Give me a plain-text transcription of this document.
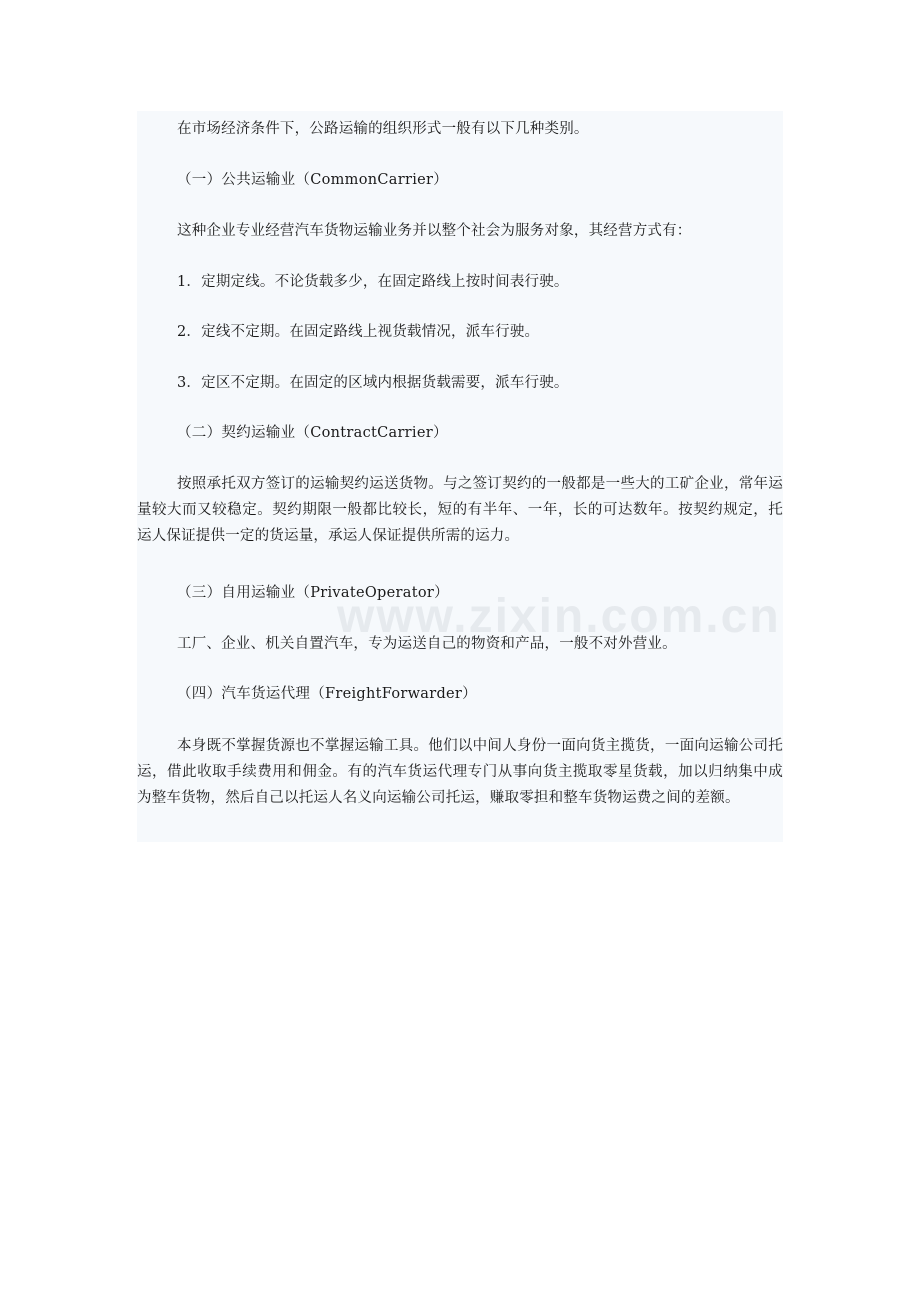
在市场经济条件下，公路运输的组织形式一般有以下几种类别。

（一）公共运输业（CommonCarrier）

这种企业专业经营汽车货物运输业务并以整个社会为服务对象，其经营方式有：

1．定期定线。不论货载多少，在固定路线上按时间表行驶。

2．定线不定期。在固定路线上视货载情况，派车行驶。

3．定区不定期。在固定的区域内根据货载需要，派车行驶。

（二）契约运输业（ContractCarrier）

按照承托双方签订的运输契约运送货物。与之签订契约的一般都是一些大的工矿企业，常年运量较大而又较稳定。契约期限一般都比较长，短的有半年、一年，长的可达数年。按契约规定，托运人保证提供一定的货运量，承运人保证提供所需的运力。

（三）自用运输业（PrivateOperator）

工厂、企业、机关自置汽车，专为运送自己的物资和产品，一般不对外营业。

（四）汽车货运代理（FreightForwarder）

本身既不掌握货源也不掌握运输工具。他们以中间人身份一面向货主揽货，一面向运输公司托运，借此收取手续费用和佣金。有的汽车货运代理专门从事向货主揽取零星货载，加以归纳集中成为整车货物，然后自己以托运人名义向运输公司托运，赚取零担和整车货物运费之间的差额。

www.zixin.com.cn
